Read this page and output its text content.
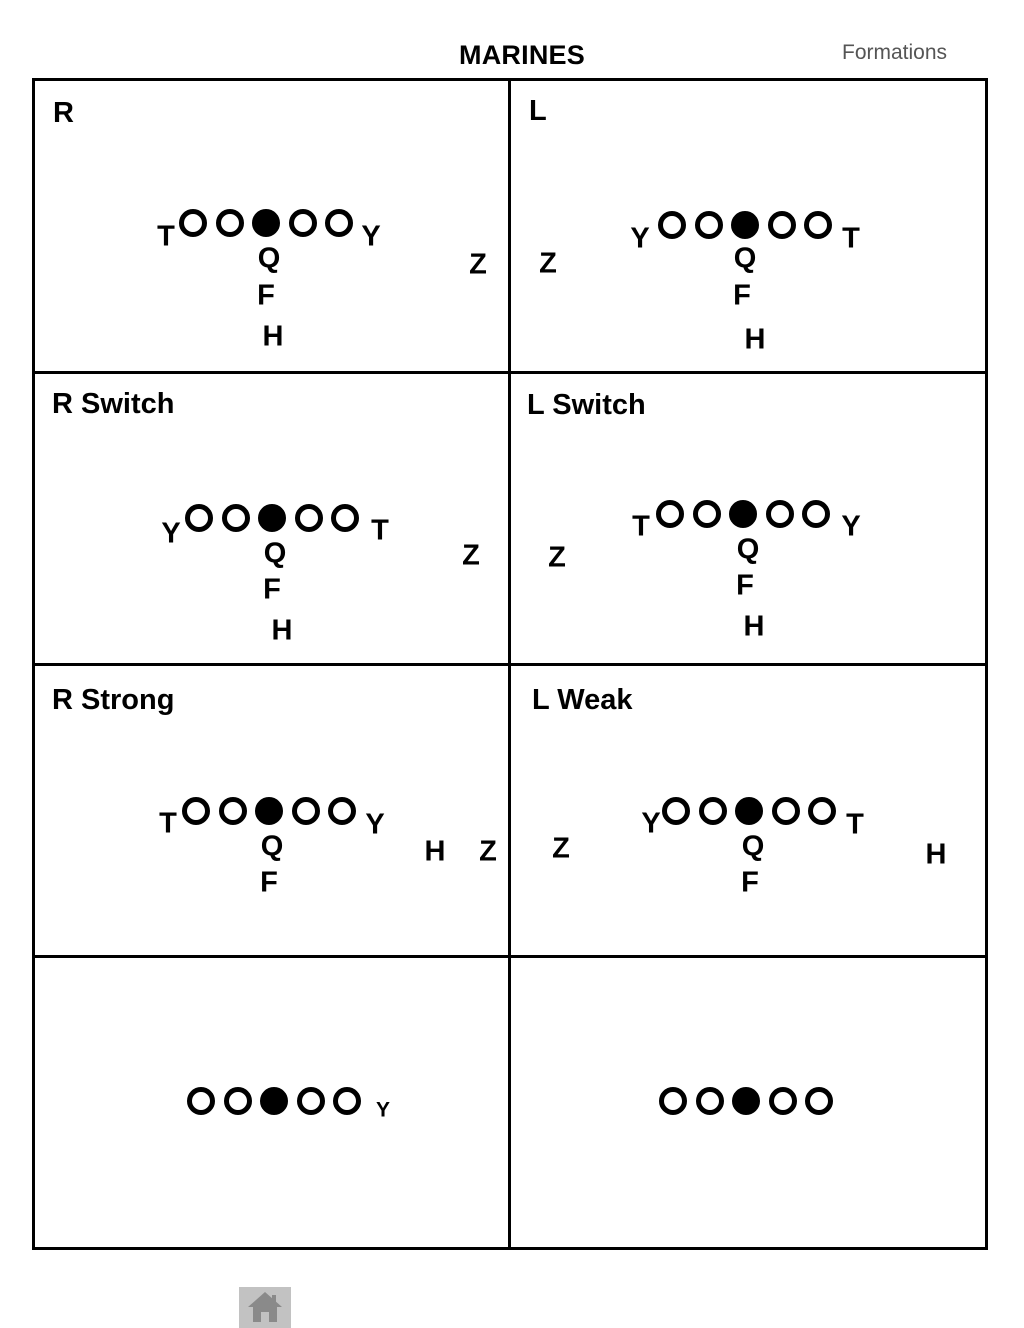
MARINES	Formations
R
T	Y
Q
F
H
Z
L
Y	T
Q
F
H
Z
R Switch
Y	T
Q
F
H
Z
L Switch
T	Y
Q
F
H
Z
R Strong
T	Y
Q
F
H Z
L Weak
Y	T
Q
F
H
Z
Y
